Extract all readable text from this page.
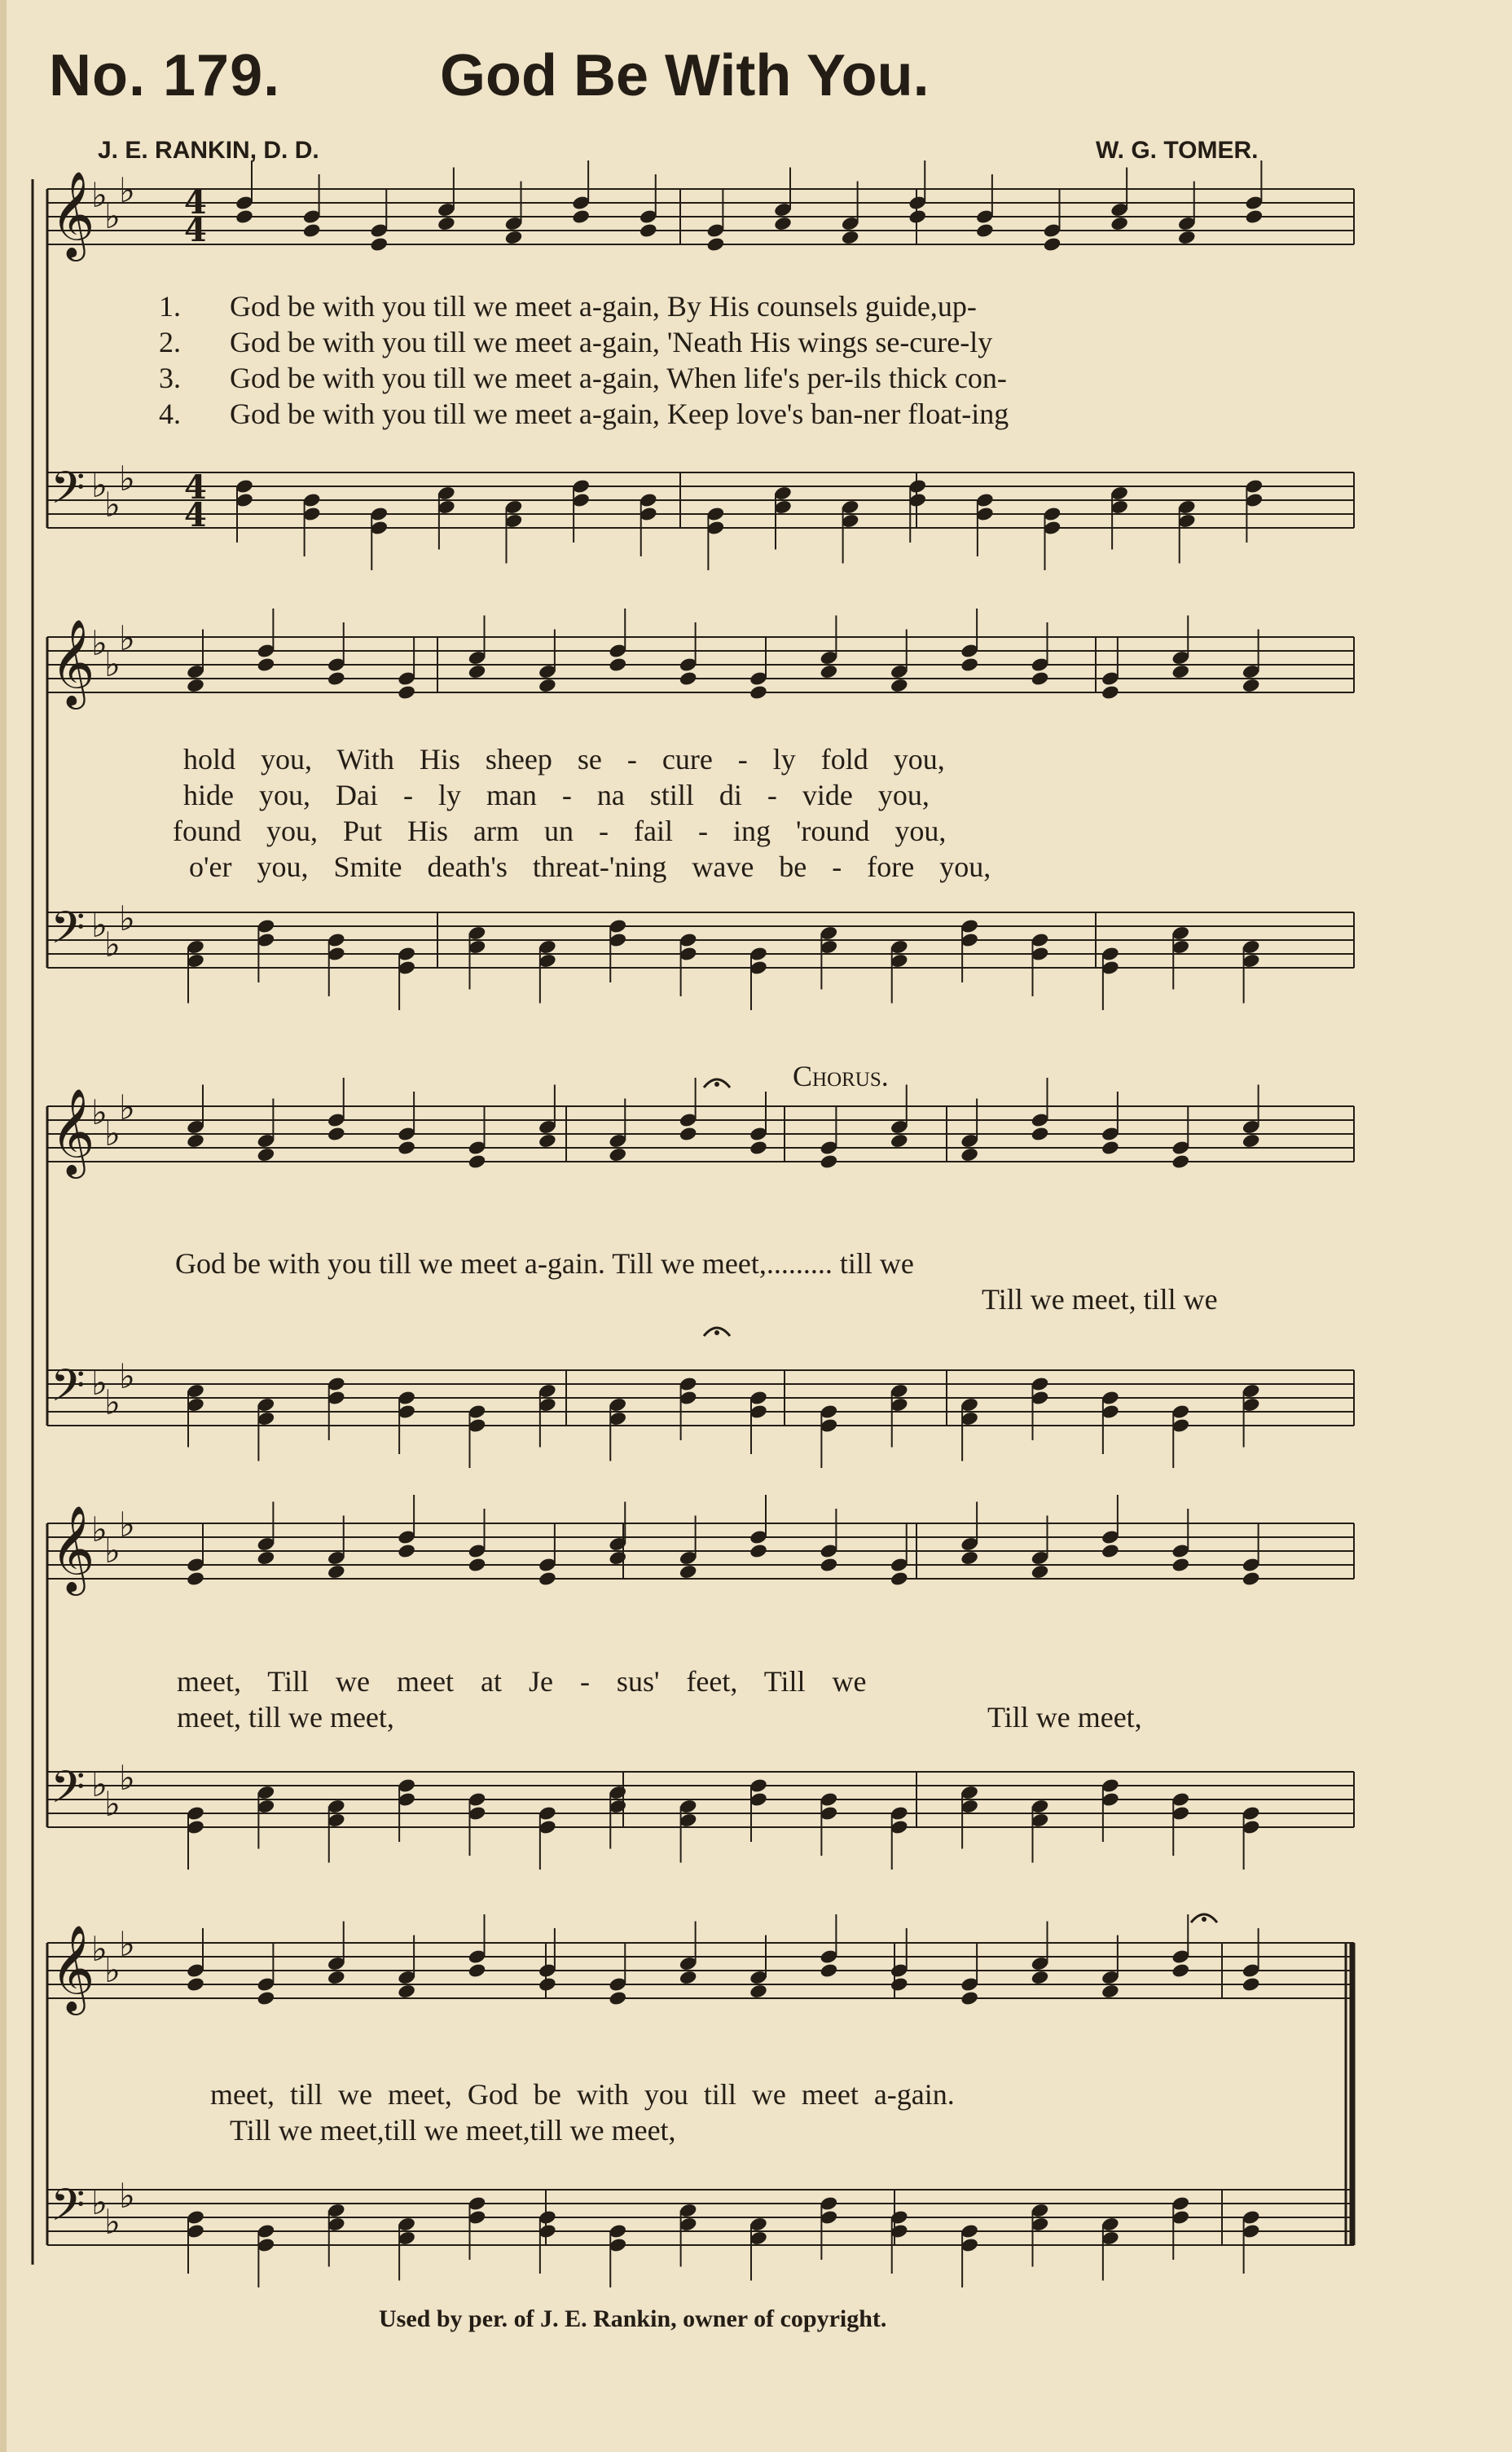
No. 179.	God Be With You.
J. E. RANKIN, D. D.	W. G. TOMER.
𝄞
♭
♭
♭
𝄢 ♭
♭
♭
𝄞
♭
♭
♭
𝄢 ♭
♭
♭
𝄞
♭
♭
♭
𝄢 ♭
♭
♭
𝄞
♭
♭
♭
𝄢 ♭
♭
♭
𝄞
♭
♭
♭
𝄢 ♭
♭
♭
4
4
4
4
1.
2.
3.
4.
God be with you till we meet a-gain, By His counsels guide,up-
God be with you till we meet a-gain, 'Neath His wings se-cure-ly
God be with you till we meet a-gain, When life's per-ils thick con-
God be with you till we meet a-gain, Keep love's ban-ner float-ing
hold you, With His sheep se - cure - ly fold you,
hide you, Dai - ly man - na still di - vide you,
found you, Put His arm un - fail - ing 'round you,
o'er you, Smite death's threat-'ning wave be - fore you,
Chorus.
God be with you till we meet a-gain. Till we meet,......... till we
Till we meet, till we
meet, Till we meet at Je - sus' feet, Till we
meet, till we meet,	Till we meet,
meet, till we meet, God be with you till we meet a-gain.
Till we meet,till we meet,till we meet,
Used by per. of J. E. Rankin, owner of copyright.
